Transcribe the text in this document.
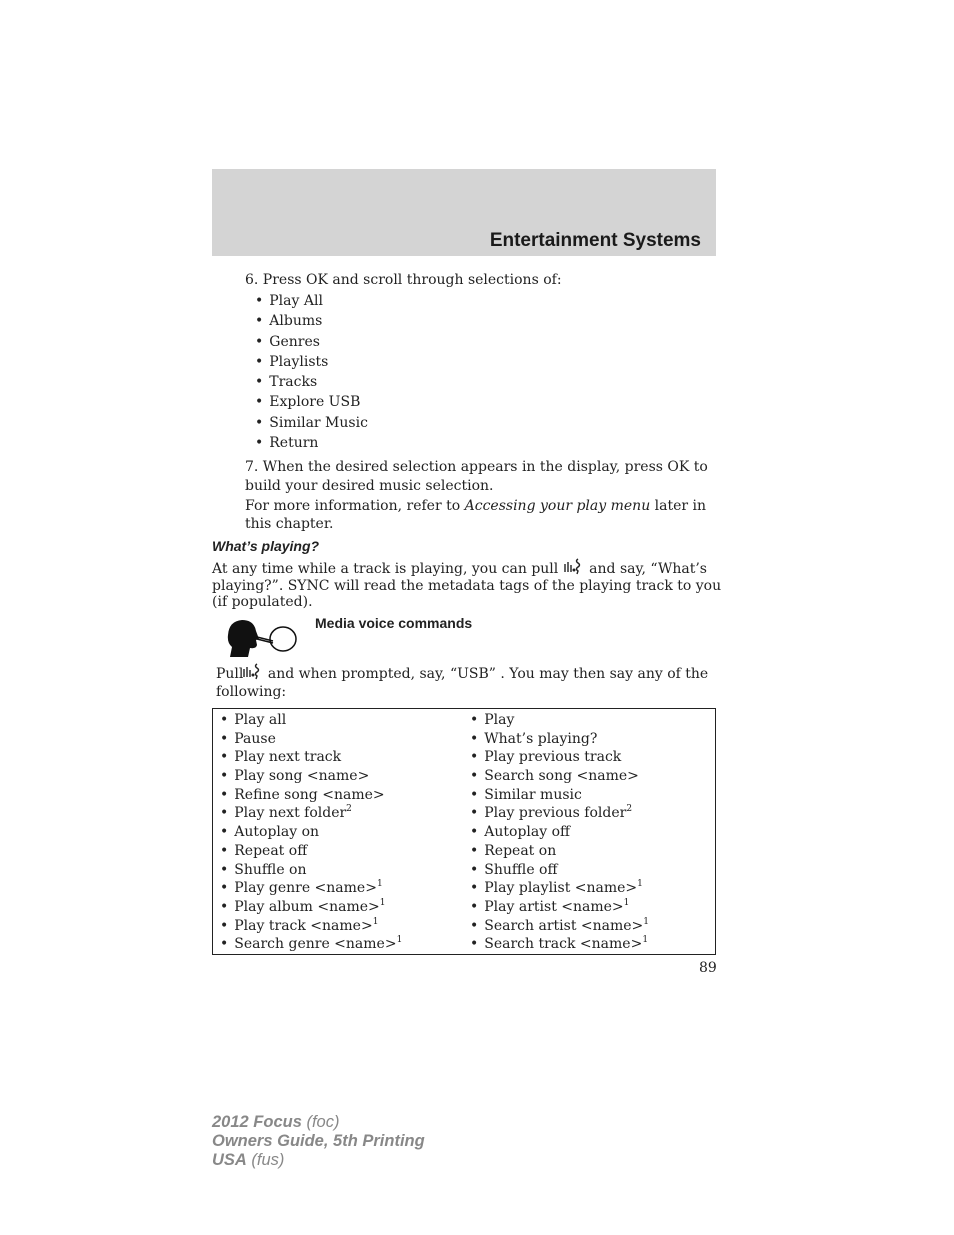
Entertainment Systems
6. Press OK and scroll through selections of:
• Play All
• Albums
• Genres
• Playlists
• Tracks
• Explore USB
• Similar Music
• Return
7. When the desired selection appears in the display, press OK to
build your desired music selection.
For more information, refer to Accessing your play menu later in
this chapter.
What’s playing?
At any time while a track is playing, you can pull and say, “What’s
playing?”. SYNC will read the metadata tags of the playing track to you
(if populated).
Media voice commands
Pull and when prompted, say, “USB” . You may then say any of the
following:
• Play all
• Pause
• Play next track
• Play song <name>
• Refine song <name>
• Play next folder$^2$
• Autoplay on
• Repeat off
• Shuffle on
• Play genre <name>$^1$
• Play album <name>$^1$
• Play track <name>$^1$
• Search genre <name>$^1$
• Play
• What’s playing?
• Play previous track
• Search song <name>
• Similar music
• Play previous folder$^2$
• Autoplay off
• Repeat on
• Shuffle off
• Play playlist <name>$^1$
• Play artist <name>$^1$
• Search artist <name>$^1$
• Search track <name>$^1$
89
2012 Focus (foc)
Owners Guide, 5th Printing
USA (fus)
